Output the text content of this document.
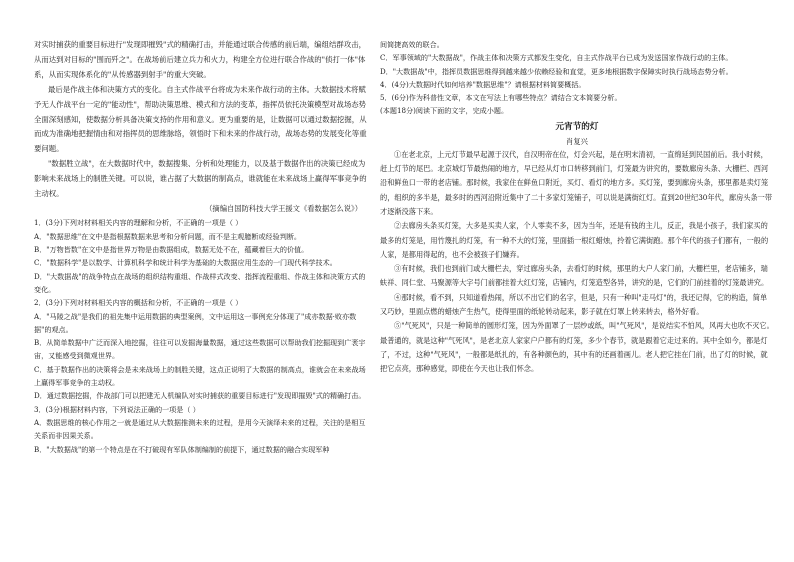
对实时捕获的重要目标进行"发现即摧毁"式的精确打击，并能通过联合传感的前后端，编组结群攻击，从而达到对目标的"围而歼之"。在战场前后建立兵力和火力，构建全方位进行联合作战的"侦打一体"体系，从而实现体系化的"从传感器到射手"的重大突破。

最后是作战主体和决策方式的变化。自主式作战平台将成为未来作战行动的主体。大数据技术将赋予无人作战平台一定的"能动性"，帮助决策思维、模式和方法的变革，指挥员依托决策模型对战场态势全面深刻感知，使数据分析具备决策支持的作用和意义。更为重要的是，让数据可以通过数据挖掘，从而成为准确地把握情由和对指挥员的思维脉络，领悟时下和未来的作战行动，战场态势的发展变化等重要问题。

"数据胜立战"，在大数据时代中，数据搜集、分析和处理能力，以及基于数据作出的决策已经成为影响未来战场上的制胜关键。可以说，谁占据了大数据的制高点，谁就能在未来战场上赢得军事竞争的主动权。

（摘编自国防科技大学王援文《看数据怎么说》）

1．(3分)下列对材料相关内容的理解和分析，不正确的一项是（ ）

A．"数据思维"在文中是指根据数据来思考和分析问题，而不是主观臆断或经验判断。

B．"万物皆数"在文中是指世界万物是由数据组成，数据无处不在，蕴藏着巨大的价值。

C．"数据科学"是以数学、计算机科学和统计科学为基础的大数据应用生态的一门现代科学技术。

D．"大数据战"的战争特点在战场的组织结构重组、作战样式改变、指挥流程重组、作战主体和决策方式的变化。

2．(3分)下列对材料相关内容的概括和分析，不正确的一项是（ ）

A．"马陵之战"是我们的祖先集中运用数据的典型案例，文中运用这一事例充分体现了"成亦数据·败亦数据"的观点。

B．从简单数据中广泛而深入地挖掘，往往可以发掘海量数据，通过这些数据可以帮助我们挖掘现到广袤宇宙，又能感受到微观世界。

C．基于数据作出的决策将会是未来战场上的制胜关键，这点正说明了大数据的制高点，谁就会在未来战场上赢得军事竞争的主动权。

D．通过数据挖掘，作战部门可以把建无人机编队对实时捕获的重要目标进行"发现即摧毁"式的精确打击。

3．(3分)根据材料内容，下列说法正确的一项是（ ）

A．数据思维的核心作用之一就是通过从大数据推测未来的过程，是用今天演绎未来的过程，关注的是相互关系而非因果关系。

B．"大数据战"的第一个特点是在不打破现有军队体制编制的前提下，通过数据的融合实现军种

间简捷高效的联合。

C．军事领域的"大数据战"，作战主体和决策方式都发生变化，自主式作战平台已成为发送国家作战行动的主体。

D．"大数据战"中，指挥员数据思维得到越来越少依赖经验和直觉，更多地根据数字保障实时执行战场态势分析。

4．(4分)大数据时代如何培养"数据思维"？请根据材料简要概括。

5．(6分)作为科普性文章，本文在写法上有哪些特点？请结合文本简要分析。

(本题18分)阅读下面的文字，完成小题。

元宵节的灯

肖复兴

①在老北京，上元灯节最早起源于汉代，自汉明帝在位，灯会兴起，是在明末清初，一直绵延到民国前后。我小时候，赶上灯节的尾巴。北京城灯节最热闹的地方，早已经从灯市口转移到前门，灯笼最为讲究的，要数廊房头条、大栅栏、西河沿和鲜鱼口一带的老店铺。那时候，我家住在鲜鱼口附近，买灯、看灯的地方多。买灯笼，要到廊房头条，那里都是卖灯笼的，组织的多半是，最多时的西河沿附近集中了二十多家灯笼铺子，可以说是满街红灯。直到20世纪30年代，廊房头条一带才逐渐没落下来。

②去廊房头条买灯笼，大多是买卖人家，个人零卖不多，因为当年，还是有钱的主儿，反正，我是小孩子，我们家买的最多的灯笼是，用竹篾扎的灯笼，有一种不大的灯笼，里面插一根红蜡烛，拎着它满街跑。那个年代的孩子们都有，一般的人家，是都用得起的，也不会被孩子们嫌弃。

③有时候，我们也到前门或大栅栏去，穿过廊房头条，去看灯的时候，那里的大户人家门前，大栅栏里，老店铺多，瑞蚨祥、同仁堂、马聚源等大字号门前都挂着大红灯笼，店铺内，灯笼造型各异，讲究的是，它们的门前挂着的灯笼最讲究。

④那时候，看不到，只知道看热闹，所以不出它们的名字，但是，只有一种叫"走马灯"的，我还记得，它的构造，简单又巧妙，里面点燃的蜡烛产生热气，使得里面的纸轮转动起来，影子就在灯罩上转来转去，格外好看。

⑤"气死风"，只是一种简单的圆形灯笼，因为外面罩了一层纱或纸，叫"气死风"，是说结实不怕风，风再大也吹不灭它。最普通的，就是这种"气死风"，是老北京人家家户户都有的灯笼，多少个春节，就是跟着它走过来的。其中全如今，都是灯了，不过，这种"气死风"，一般都是纸扎的，有各种颜色的，其中有的还画着画儿。老人把它挂在门前，出了灯的时候，就把它点亮，那种感觉，即使在今天也让我们怀念。
